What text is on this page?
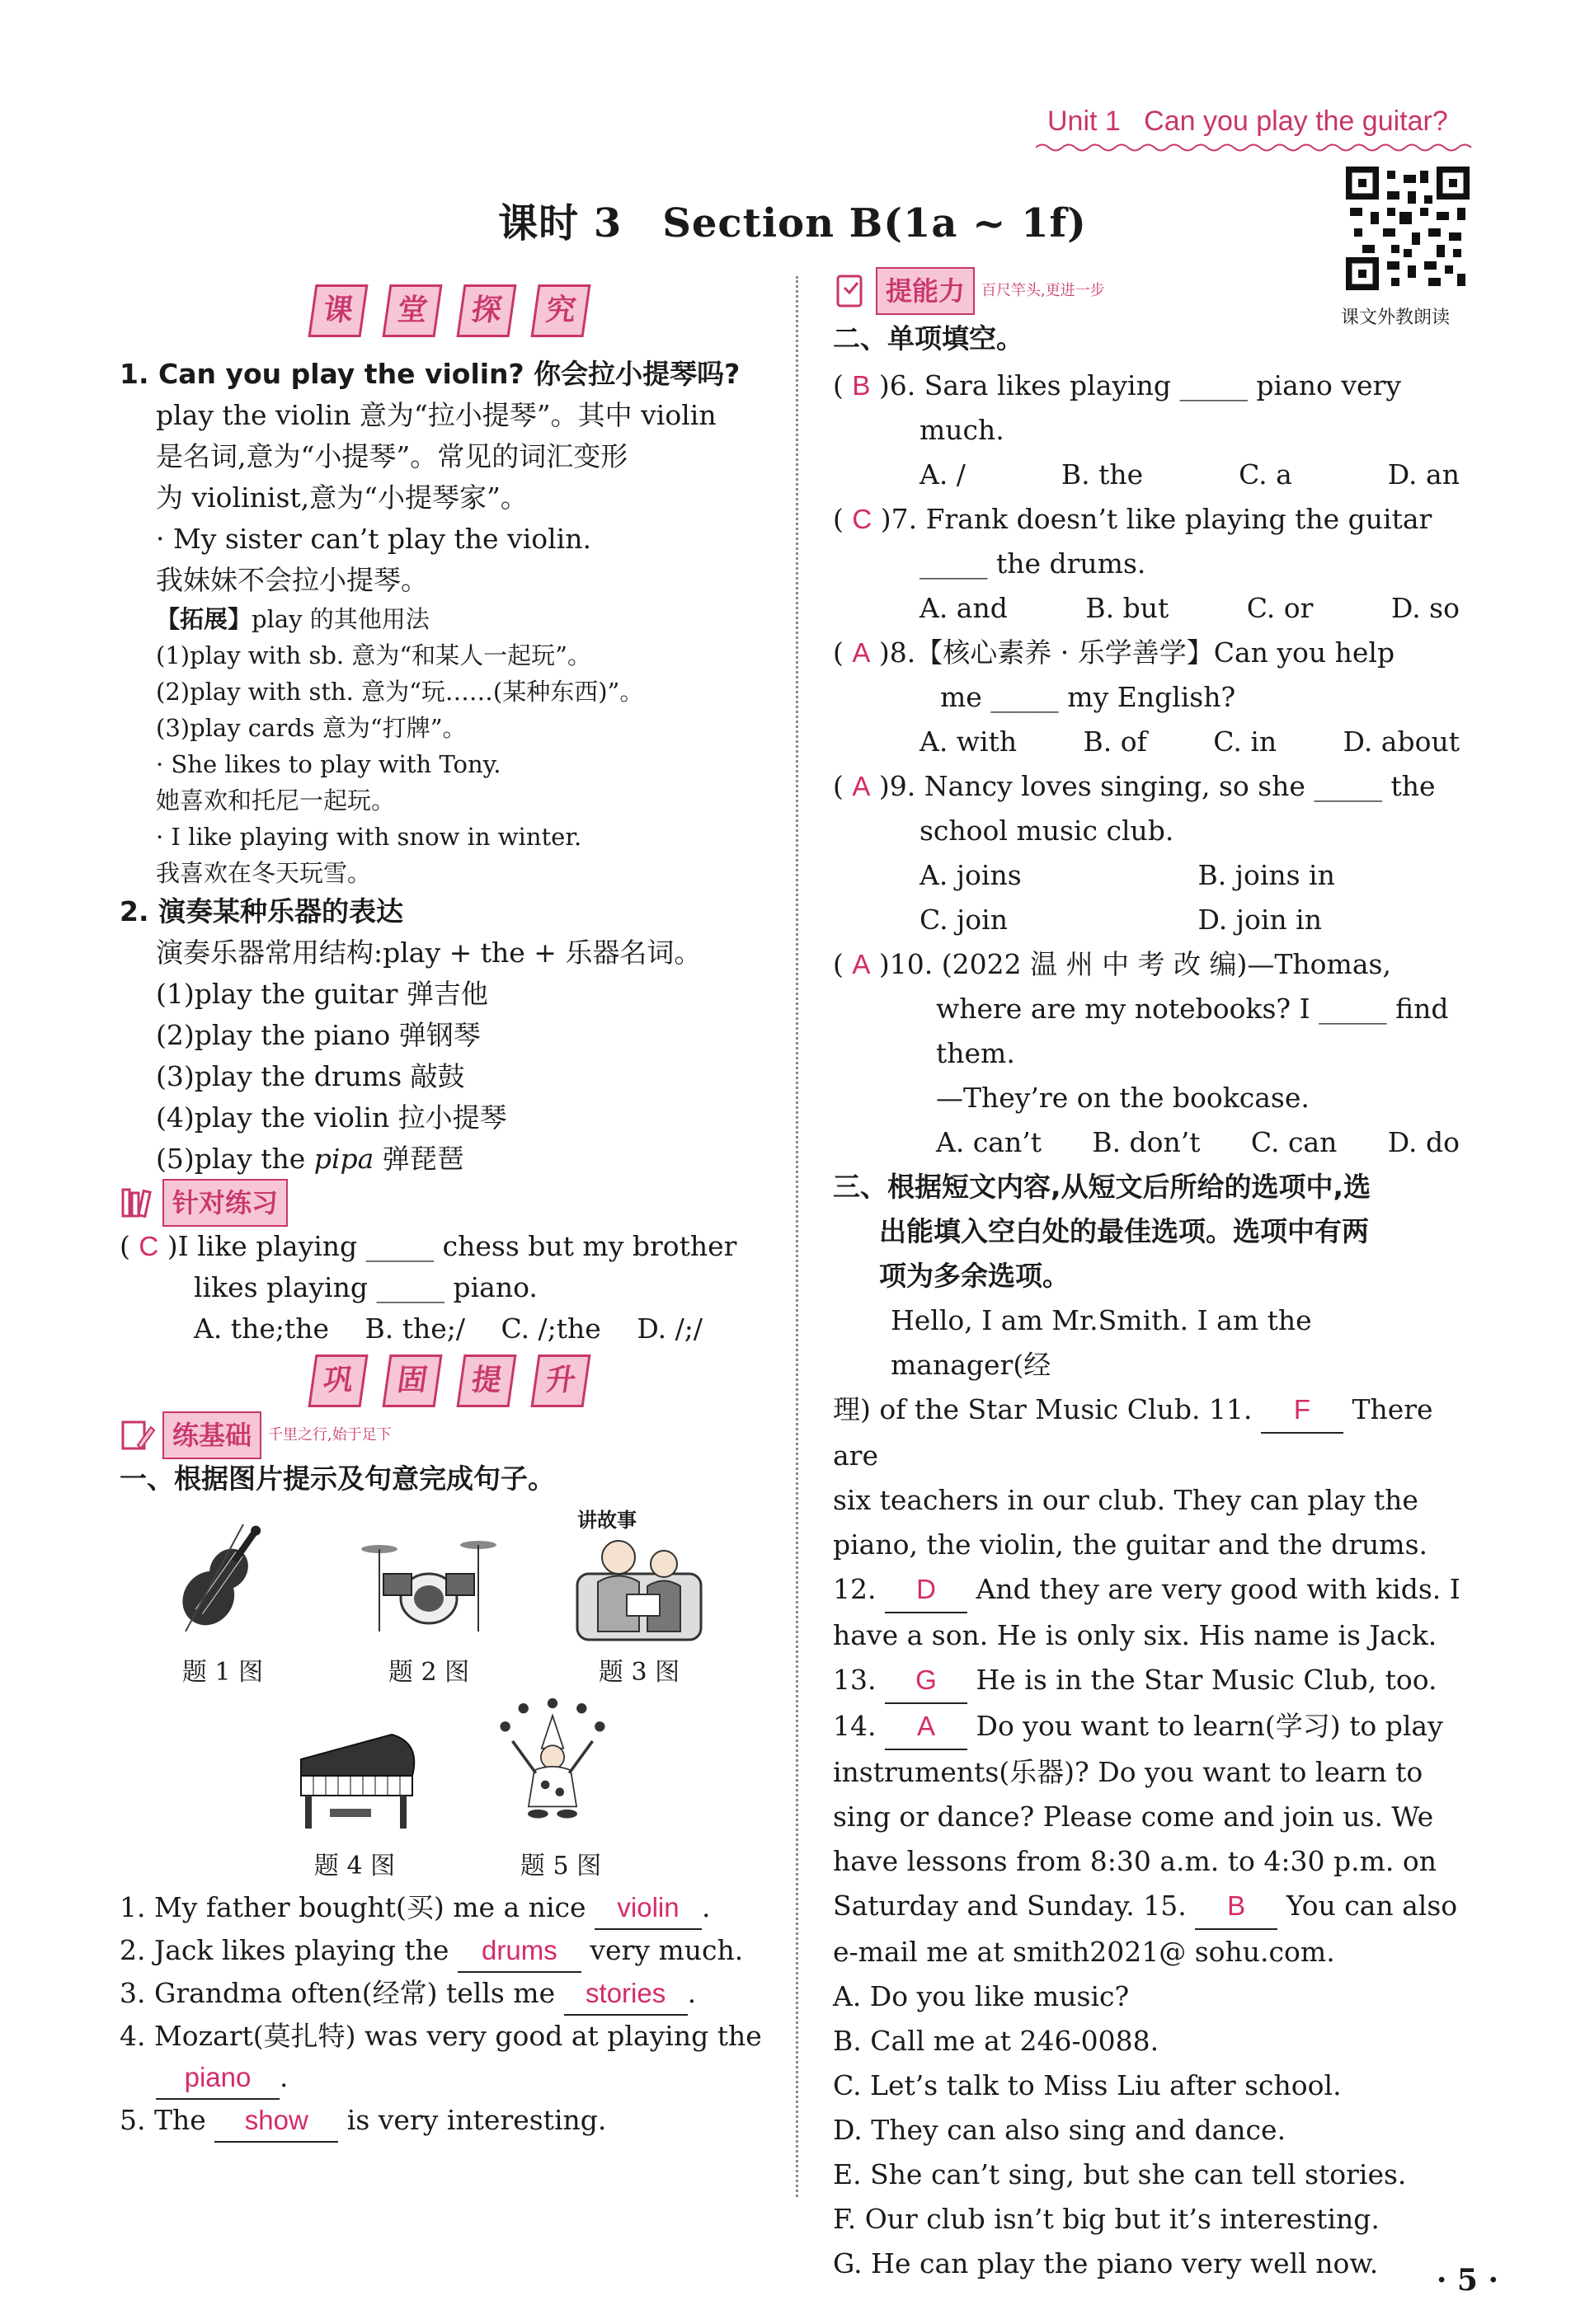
Unit 1 Can you play the guitar?
课时 3　Section B(1a ~ 1f)
课文外教朗读
课	堂	探	究
1. Can you play the violin? 你会拉小提琴吗?
play the violin 意为“拉小提琴”。其中 violin
是名词,意为“小提琴”。常见的词汇变形
为 violinist,意为“小提琴家”。
· My sister can’t play the violin.
我妹妹不会拉小提琴。
【拓展】play 的其他用法
(1)play with sb. 意为“和某人一起玩”。
(2)play with sth. 意为“玩……(某种东西)”。
(3)play cards 意为“打牌”。
· She likes to play with Tony.
她喜欢和托尼一起玩。
· I like playing with snow in winter.
我喜欢在冬天玩雪。
2. 演奏某种乐器的表达
演奏乐器常用结构:play + the + 乐器名词。
(1)play the guitar 弹吉他
(2)play the piano 弹钢琴
(3)play the drums 敲鼓
(4)play the violin 拉小提琴
(5)play the pipa 弹琵琶
针对练习
( C )I like playing _____ chess but my brother
likes playing _____ piano.
A. the;the　 B. the;/　 C. /;the　 D. /;/
巩	固	提	升
练基础	千里之行,始于足下
一、根据图片提示及句意完成句子。
讲故事
题 1 图	题 2 图	题 3 图
题 4 图	题 5 图
1. My father bought(买) me a nice violin .
2. Jack likes playing the drums very much.
3. Grandma often(经常) tells me stories .
4. Mozart(莫扎特) was very good at playing the
piano .
5. The show is very interesting.
提能力	百尺竿头,更进一步
二、单项填空。
( B )6. Sara likes playing _____ piano very
much.
A. /	B. the	C. a	D. an
( C )7. Frank doesn’t like playing the guitar
_____ the drums.
A. and	B. but	C. or	D. so
( A )8.【核心素养 · 乐学善学】Can you help
me _____ my English?
A. with B. of C. in D. about
( A )9. Nancy loves singing, so she _____ the
school music club.
A. joins	B. joins in
C. join	D. join in
( A )10. (2022 温 州 中 考 改 编)—Thomas,
where are my notebooks? I _____ find
them.
—They’re on the bookcase.
A. can’t B. don’t C. can D. do
三、根据短文内容,从短文后所给的选项中,选
出能填入空白处的最佳选项。选项中有两
项为多余选项。
Hello, I am Mr.Smith. I am the manager(经
理) of the Star Music Club. 11. F There are
six teachers in our club. They can play the
piano, the violin, the guitar and the drums.
12. D And they are very good with kids. I
have a son. He is only six. His name is Jack.
13. G He is in the Star Music Club, too.
14. A Do you want to learn(学习) to play
instruments(乐器)? Do you want to learn to
sing or dance? Please come and join us. We
have lessons from 8:30 a.m. to 4:30 p.m. on
Saturday and Sunday. 15. B You can also
e-mail me at smith2021@ sohu.com.
A. Do you like music?
B. Call me at 246-0088.
C. Let’s talk to Miss Liu after school.
D. They can also sing and dance.
E. She can’t sing, but she can tell stories.
F. Our club isn’t big but it’s interesting.
G. He can play the piano very well now.	· 5 ·
